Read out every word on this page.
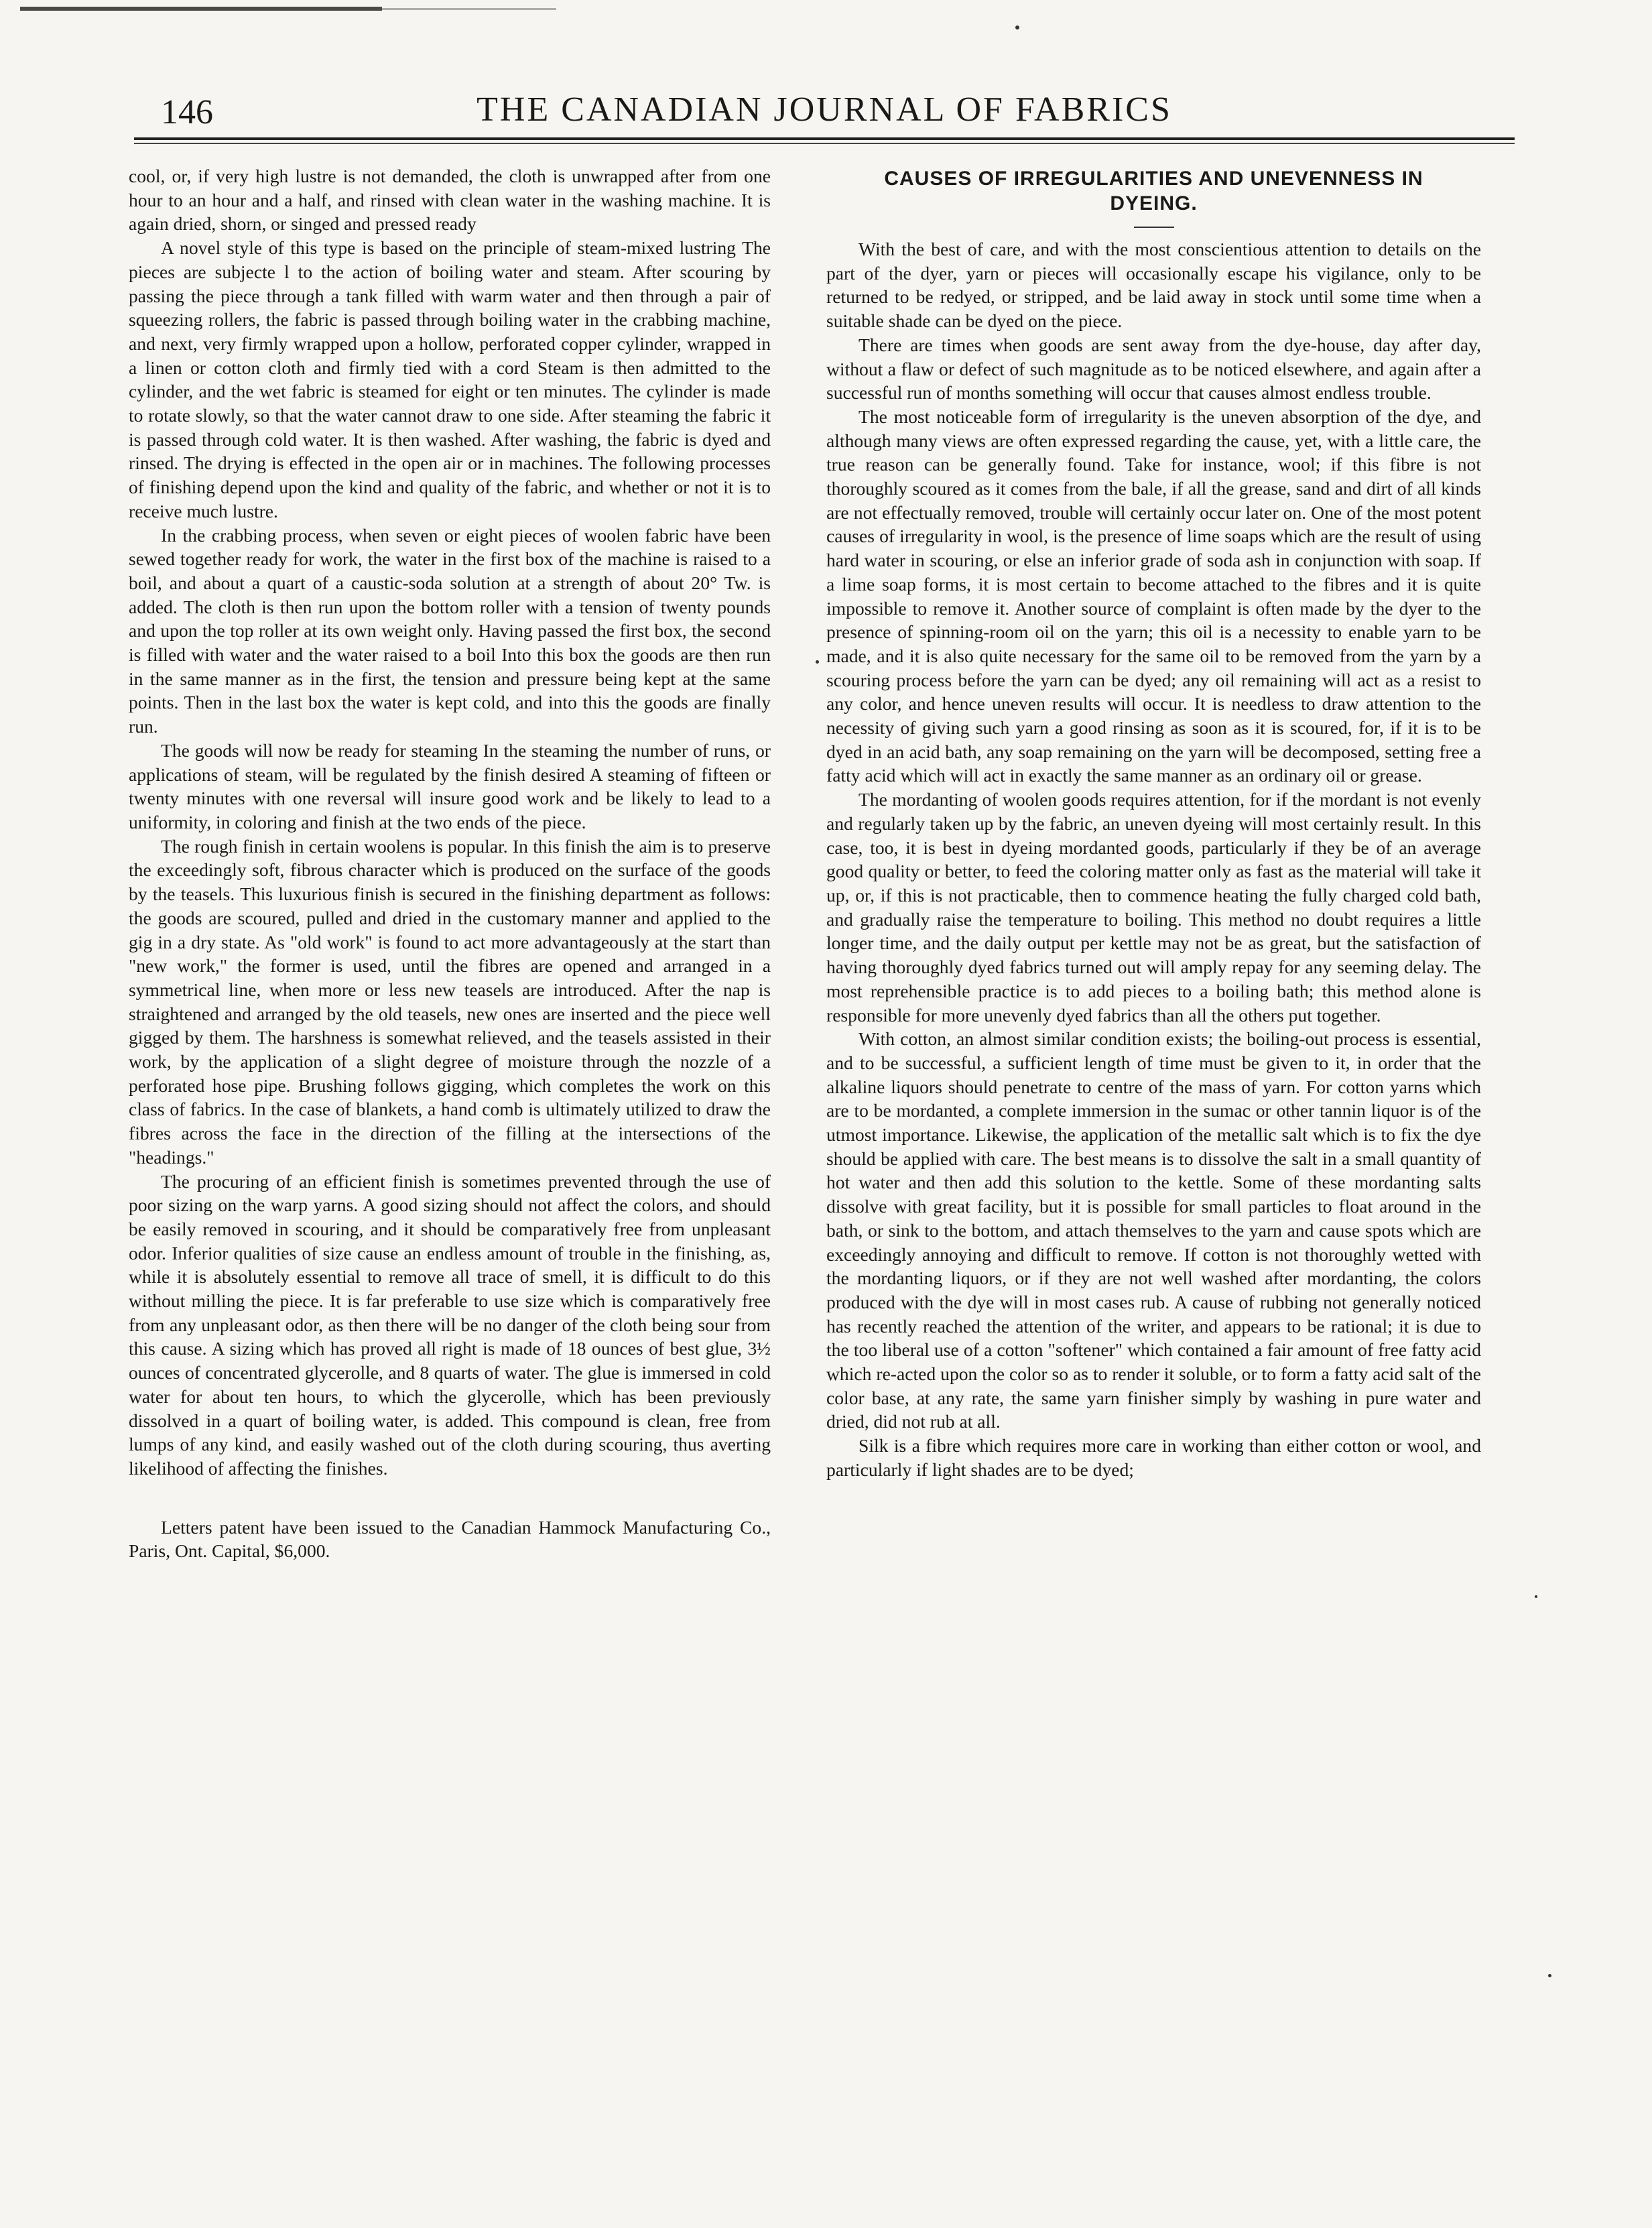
146	THE CANADIAN JOURNAL OF FABRICS

cool, or, if very high lustre is not demanded, the cloth is unwrapped after from one hour to an hour and a half, and rinsed with clean water in the washing machine. It is again dried, shorn, or singed and pressed ready

A novel style of this type is based on the principle of steam-mixed lustring The pieces are subjecte l to the action of boiling water and steam. After scouring by passing the piece through a tank filled with warm water and then through a pair of squeezing rollers, the fabric is passed through boiling water in the crabbing machine, and next, very firmly wrapped upon a hollow, perforated copper cylinder, wrapped in a linen or cotton cloth and firmly tied with a cord Steam is then admitted to the cylinder, and the wet fabric is steamed for eight or ten minutes. The cylinder is made to rotate slowly, so that the water cannot draw to one side. After steaming the fabric it is passed through cold water. It is then washed. After washing, the fabric is dyed and rinsed. The drying is effected in the open air or in machines. The following processes of finishing depend upon the kind and quality of the fabric, and whether or not it is to receive much lustre.

In the crabbing process, when seven or eight pieces of woolen fabric have been sewed together ready for work, the water in the first box of the machine is raised to a boil, and about a quart of a caustic-soda solution at a strength of about 20° Tw. is added. The cloth is then run upon the bottom roller with a tension of twenty pounds and upon the top roller at its own weight only. Having passed the first box, the second is filled with water and the water raised to a boil Into this box the goods are then run in the same manner as in the first, the tension and pressure being kept at the same points. Then in the last box the water is kept cold, and into this the goods are finally run.

The goods will now be ready for steaming In the steaming the number of runs, or applications of steam, will be regulated by the finish desired A steaming of fifteen or twenty minutes with one reversal will insure good work and be likely to lead to a uniformity, in coloring and finish at the two ends of the piece.

The rough finish in certain woolens is popular. In this finish the aim is to preserve the exceedingly soft, fibrous character which is produced on the surface of the goods by the teasels. This luxurious finish is secured in the finishing department as follows: the goods are scoured, pulled and dried in the customary manner and applied to the gig in a dry state. As "old work" is found to act more advantageously at the start than "new work," the former is used, until the fibres are opened and arranged in a symmetrical line, when more or less new teasels are introduced. After the nap is straightened and arranged by the old teasels, new ones are inserted and the piece well gigged by them. The harshness is somewhat relieved, and the teasels assisted in their work, by the application of a slight degree of moisture through the nozzle of a perforated hose pipe. Brushing follows gigging, which completes the work on this class of fabrics. In the case of blankets, a hand comb is ultimately utilized to draw the fibres across the face in the direction of the filling at the intersections of the "headings."

The procuring of an efficient finish is sometimes prevented through the use of poor sizing on the warp yarns. A good sizing should not affect the colors, and should be easily removed in scouring, and it should be comparatively free from unpleasant odor. Inferior qualities of size cause an endless amount of trouble in the finishing, as, while it is absolutely essential to remove all trace of smell, it is difficult to do this without milling the piece. It is far preferable to use size which is comparatively free from any unpleasant odor, as then there will be no danger of the cloth being sour from this cause. A sizing which has proved all right is made of 18 ounces of best glue, 3½ ounces of concentrated glycerolle, and 8 quarts of water. The glue is immersed in cold water for about ten hours, to which the glycerolle, which has been previously dissolved in a quart of boiling water, is added. This compound is clean, free from lumps of any kind, and easily washed out of the cloth during scouring, thus averting likelihood of affecting the finishes.

Letters patent have been issued to the Canadian Hammock Manufacturing Co., Paris, Ont. Capital, $6,000.

CAUSES OF IRREGULARITIES AND UNEVENNESS IN DYEING.

With the best of care, and with the most conscientious attention to details on the part of the dyer, yarn or pieces will occasionally escape his vigilance, only to be returned to be redyed, or stripped, and be laid away in stock until some time when a suitable shade can be dyed on the piece.

There are times when goods are sent away from the dye-house, day after day, without a flaw or defect of such magnitude as to be noticed elsewhere, and again after a successful run of months something will occur that causes almost endless trouble.

The most noticeable form of irregularity is the uneven absorption of the dye, and although many views are often expressed regarding the cause, yet, with a little care, the true reason can be generally found. Take for instance, wool; if this fibre is not thoroughly scoured as it comes from the bale, if all the grease, sand and dirt of all kinds are not effectually removed, trouble will certainly occur later on. One of the most potent causes of irregularity in wool, is the presence of lime soaps which are the result of using hard water in scouring, or else an inferior grade of soda ash in conjunction with soap. If a lime soap forms, it is most certain to become attached to the fibres and it is quite impossible to remove it. Another source of complaint is often made by the dyer to the presence of spinning-room oil on the yarn; this oil is a necessity to enable yarn to be made, and it is also quite necessary for the same oil to be removed from the yarn by a scouring process before the yarn can be dyed; any oil remaining will act as a resist to any color, and hence uneven results will occur. It is needless to draw attention to the necessity of giving such yarn a good rinsing as soon as it is scoured, for, if it is to be dyed in an acid bath, any soap remaining on the yarn will be decomposed, setting free a fatty acid which will act in exactly the same manner as an ordinary oil or grease.

The mordanting of woolen goods requires attention, for if the mordant is not evenly and regularly taken up by the fabric, an uneven dyeing will most certainly result. In this case, too, it is best in dyeing mordanted goods, particularly if they be of an average good quality or better, to feed the coloring matter only as fast as the material will take it up, or, if this is not practicable, then to commence heating the fully charged cold bath, and gradually raise the temperature to boiling. This method no doubt requires a little longer time, and the daily output per kettle may not be as great, but the satisfaction of having thoroughly dyed fabrics turned out will amply repay for any seeming delay. The most reprehensible practice is to add pieces to a boiling bath; this method alone is responsible for more unevenly dyed fabrics than all the others put together.

With cotton, an almost similar condition exists; the boiling-out process is essential, and to be successful, a sufficient length of time must be given to it, in order that the alkaline liquors should penetrate to centre of the mass of yarn. For cotton yarns which are to be mordanted, a complete immersion in the sumac or other tannin liquor is of the utmost importance. Likewise, the application of the metallic salt which is to fix the dye should be applied with care. The best means is to dissolve the salt in a small quantity of hot water and then add this solution to the kettle. Some of these mordanting salts dissolve with great facility, but it is possible for small particles to float around in the bath, or sink to the bottom, and attach themselves to the yarn and cause spots which are exceedingly annoying and difficult to remove. If cotton is not thoroughly wetted with the mordanting liquors, or if they are not well washed after mordanting, the colors produced with the dye will in most cases rub. A cause of rubbing not generally noticed has recently reached the attention of the writer, and appears to be rational; it is due to the too liberal use of a cotton "softener" which contained a fair amount of free fatty acid which re-acted upon the color so as to render it soluble, or to form a fatty acid salt of the color base, at any rate, the same yarn finisher simply by washing in pure water and dried, did not rub at all.

Silk is a fibre which requires more care in working than either cotton or wool, and particularly if light shades are to be dyed;
